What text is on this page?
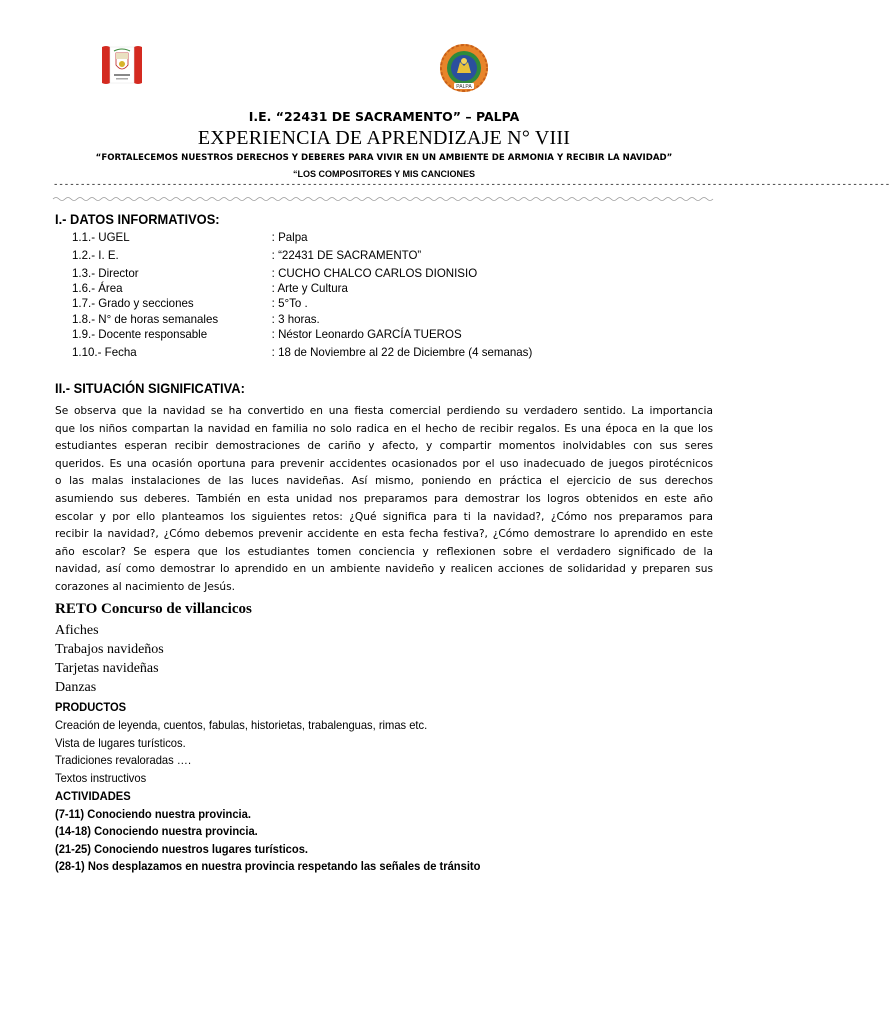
PALPA
I.E. “22431 DE SACRAMENTO” – PALPA
EXPERIENCIA DE APRENDIZAJE N° VIII
“FORTALECEMOS NUESTROS DERECHOS Y DEBERES PARA VIVIR EN UN AMBIENTE DE ARMONIA Y RECIBIR LA NAVIDAD”
“LOS COMPOSITORES Y MIS CANCIONES
-----------------------------------------------------------------------------------------------------------------------------------------------------------
I.- DATOS INFORMATIVOS:
1.1.- UGEL	: Palpa
1.2.- I. E.	: “22431 DE SACRAMENTO”
1.3.- Director	: CUCHO CHALCO CARLOS DIONISIO
1.6.- Área	: Arte y Cultura
1.7.- Grado y secciones	: 5°To .
1.8.- N° de horas semanales	: 3 horas.
1.9.- Docente responsable	: Néstor Leonardo GARCÍA TUEROS
1.10.- Fecha	: 18 de Noviembre al 22 de Diciembre (4 semanas)
II.- SITUACIÓN SIGNIFICATIVA:
Se observa que la navidad se ha convertido en una fiesta comercial perdiendo su verdadero sentido. La importancia
que los niños compartan la navidad en familia no solo radica en el hecho de recibir regalos. Es una época en la que los
estudiantes esperan recibir demostraciones de cariño y afecto, y compartir momentos inolvidables con sus seres
queridos. Es una ocasión oportuna para prevenir accidentes ocasionados por el uso inadecuado de juegos pirotécnicos
o las malas instalaciones de las luces navideñas. Así mismo, poniendo en práctica el ejercicio de sus derechos
asumiendo sus deberes. También en esta unidad nos preparamos para demostrar los logros obtenidos en este año
escolar y por ello planteamos los siguientes retos: ¿Qué significa para ti la navidad?, ¿Cómo nos preparamos para
recibir la navidad?, ¿Cómo debemos prevenir accidente en esta fecha festiva?, ¿Cómo demostrare lo aprendido en este
año escolar? Se espera que los estudiantes tomen conciencia y reflexionen sobre el verdadero significado de la
navidad, así como demostrar lo aprendido en un ambiente navideño y realicen acciones de solidaridad y preparen sus
corazones al nacimiento de Jesús.
RETO Concurso de villancicos
Afiches
Trabajos navideños
Tarjetas navideñas
Danzas
PRODUCTOS
Creación de leyenda, cuentos, fabulas, historietas, trabalenguas, rimas etc.
Vista de lugares turísticos.
Tradiciones revaloradas ….
Textos instructivos
ACTIVIDADES
(7-11) Conociendo nuestra provincia.
(14-18) Conociendo nuestra provincia.
(21-25) Conociendo nuestros lugares turísticos.
(28-1) Nos desplazamos en nuestra provincia respetando las señales de tránsito
